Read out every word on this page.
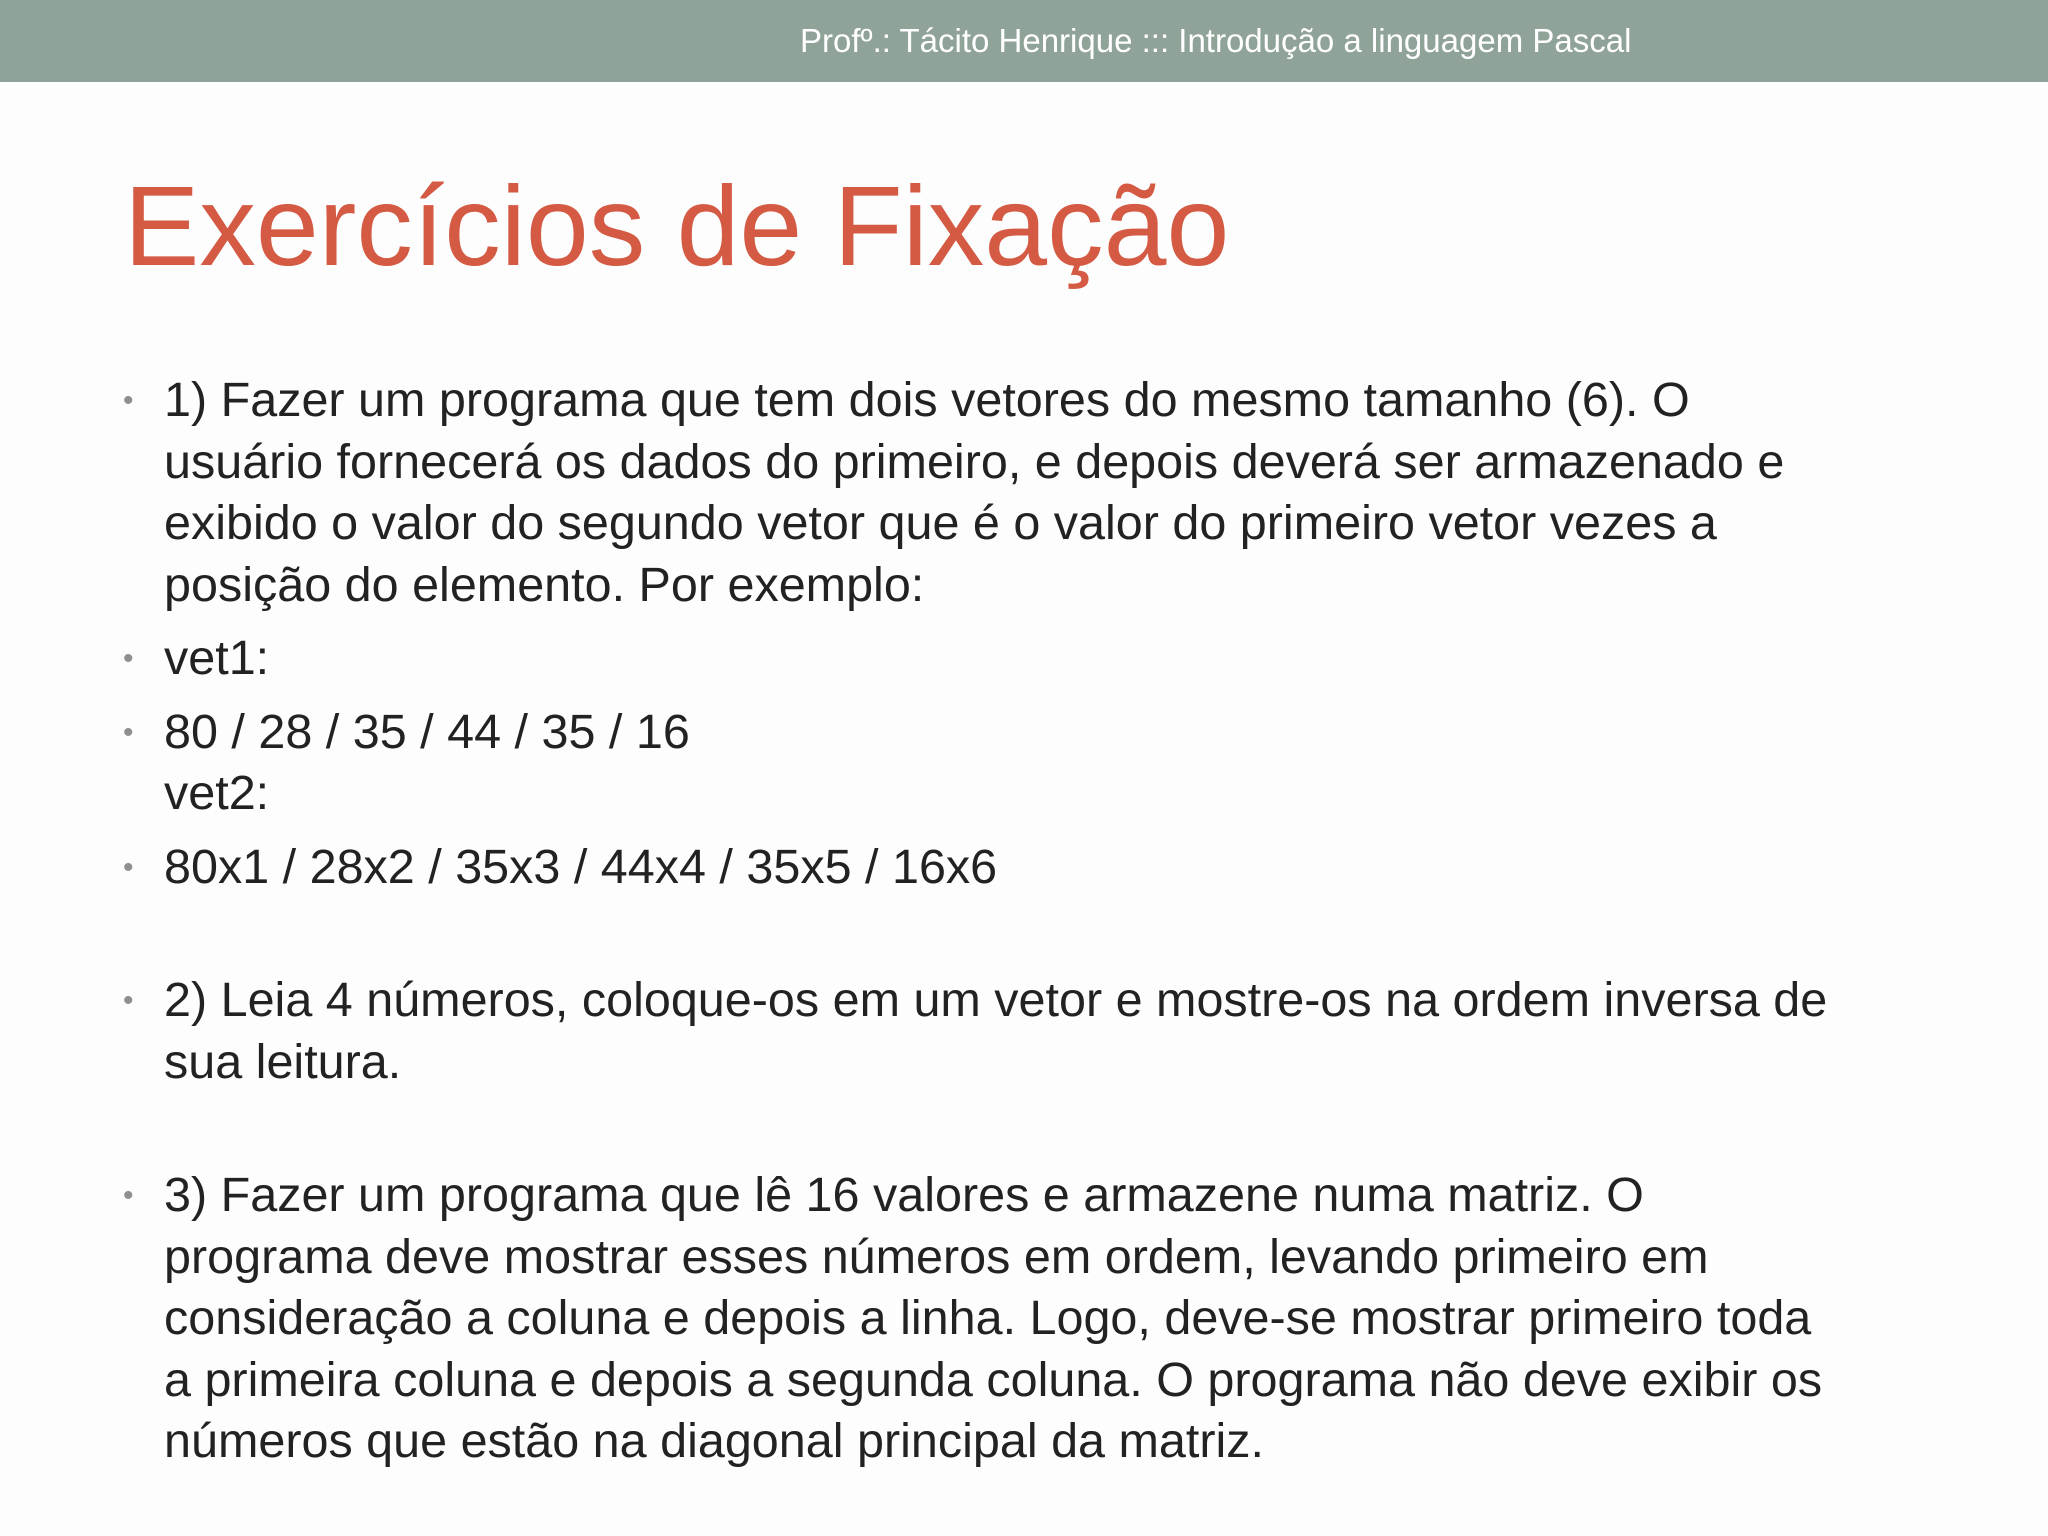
Profº.: Tácito Henrique ::: Introdução a linguagem Pascal
Exercícios de Fixação
• 1) Fazer um programa que tem dois vetores do mesmo tamanho (6). O
usuário fornecerá os dados do primeiro, e depois deverá ser armazenado e
exibido o valor do segundo vetor que é o valor do primeiro vetor vezes a
posição do elemento. Por exemplo:
• vet1:
• 80 / 28 / 35 / 44 / 35 / 16
vet2:
• 80x1 / 28x2 / 35x3 / 44x4 / 35x5 / 16x6
• 2) Leia 4 números, coloque-os em um vetor e mostre-os na ordem inversa de
sua leitura.
• 3) Fazer um programa que lê 16 valores e armazene numa matriz. O
programa deve mostrar esses números em ordem, levando primeiro em
consideração a coluna e depois a linha. Logo, deve-se mostrar primeiro toda
a primeira coluna e depois a segunda coluna. O programa não deve exibir os
números que estão na diagonal principal da matriz.
